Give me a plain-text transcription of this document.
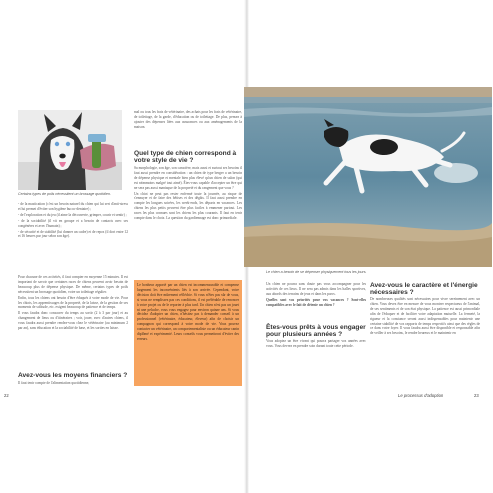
Certains types de poils nécessitent un brossage quotidien.

- de la mastication (c'est un besoin naturel du chien qui lui sert d'anti-stress et lui permet d'éviter son hygiène bucco-dentaire) ;

- de l'exploration et du jeu (il aime la découverte, grimper, courir et sentir) ;

- de la sociabilité (il vit en groupe et a besoin de contacts avec ses congénères et avec l'humain) ;

- de sécurité et de stabilité (lui donner un cadre) et de repos (il dort entre 12 et 16 heures par jour selon son âge).

Pour chacune de ces activités, il faut compter en moyenne 15 minutes. Il est important de savoir que certaines races de chiens peuvent avoir besoin de beaucoup plus de dépense physique. De même, certains types de poils nécessitent un brossage quotidien, voire un toilettage régulier.

Enfin, tous les chiens ont besoin d'être éduqués à votre mode de vie. Pour les chiots, les apprentissages de la propreté, de la laisse, de la gestion de ses moments de solitude, etc. exigent beaucoup de patience et de temps.

Il vous faudra donc consacrer du temps au sortir (2 à 3 par jour) et au changement de lieux ou d'itinéraires ; voir, jouer, avec d'autres chiens, il vous faudra aussi prendre rendez-vous chez le vétérinaire (au minimum 2 par an), sans éducation et la sociabilité de base, et les sorties en laisse.

Avez-vous les moyens financiers ?
Il faut tenir compte de l'alimentation quotidienne,
mal ou tous les frais de vétérinaire, des achats pour les frais de vétérinaire, de toilettage, de la garde, d'éducation ou de toilettage. De plus, pensez à ajouter des dépenses liées aux assurances ou aux aménagements de la maison.
Quel type de chien correspond à votre style de vie ?

Sa morphologie, son âge, son caractère, mais aussi et surtout ses besoins il faut aussi prendre en considération : un chien de type berger a un besoin de dépense physique et mentale bien plus élevé qu'un chien de salon (qui est néanmoins malgré tout aimé). Êtes-vous capable d'accepter un être qui ne sera pas aussi maniaque de la propreté et du rangement que vous ?

Un chiot ne peut pas rester enfermé toute la journée, au risque de s'ennuyer et de faire des bêtises et des dégâts. Il faut aussi prendre en compte les longues soirées, les week-ends, les départs en vacances. Les chiens les plus petits peuvent être plus faciles à emmener partout. Les races les plus connues sont les chiens les plus courants. Il faut en tenir compte dans le choix. La question du gardiennage est donc primordiale.

Le bonheur apporté par un chien est incommensurable et compense largement les inconvénients liés à son arrivée. Cependant, votre décision doit être mûrement réfléchie. Si vous n'êtes pas sûr de vous, si vous ne remplissez pas ces conditions, il est préférable de renoncer à votre projet ou de le reporter à plus tard. Un chien n'est pas un jouet ni une peluche, vous vous engagez pour environ quinze ans. Si vous décidez d'adopter un chien, n'hésitez pas à demander conseil à un professionnel (vétérinaire, éducateur, éleveur) afin de choisir un compagnon qui correspond à votre mode de vie. Vous pouvez contacter un vétérinaire, un comportementaliste ou un éducateur canin diplômé et expérimenté. Leurs conseils vous permettront d'éviter des erreurs.
Le chien a besoin de se dépenser physiquement tous les jours.

Un chien ne pourra sans doute pas vous accompagner pour les activités de ces lieux. Il ne sera pas admis dans les halles sportives, aux abords des terrains de jeux et dans les parcs.

Quelles sont vos priorités pour vos vacances ? Sont-elles compatibles avec le fait de détenir un chien ?

Êtes-vous prêts à vous engager pour plusieurs années ?
Vous adoptez un être vivant qui pourra partager vos années avec vous. Vous devrez en prendre soin durant toute cette période.
Avez-vous le caractère et l'énergie nécessaires ?
De nombreuses qualités sont nécessaires pour vivre sereinement avec un chien. Vous devez être en mesure de vous montrer respectueux de l'animal, de ses sentiments et de son état physique. La patience est aussi primordiale afin de l'éduquer et de faciliter votre adaptation mutuelle. La fermeté, la rigueur et la constance seront aussi indispensables pour maintenir une certaine stabilité de vos rapports de temps respectifs ainsi que des règles de ce dans votre foyer. Il vous faudra aussi être disponible et responsable afin de veiller à ses besoins, le rendre heureux et le maintenir en
22	Le processus d'adoption	23
